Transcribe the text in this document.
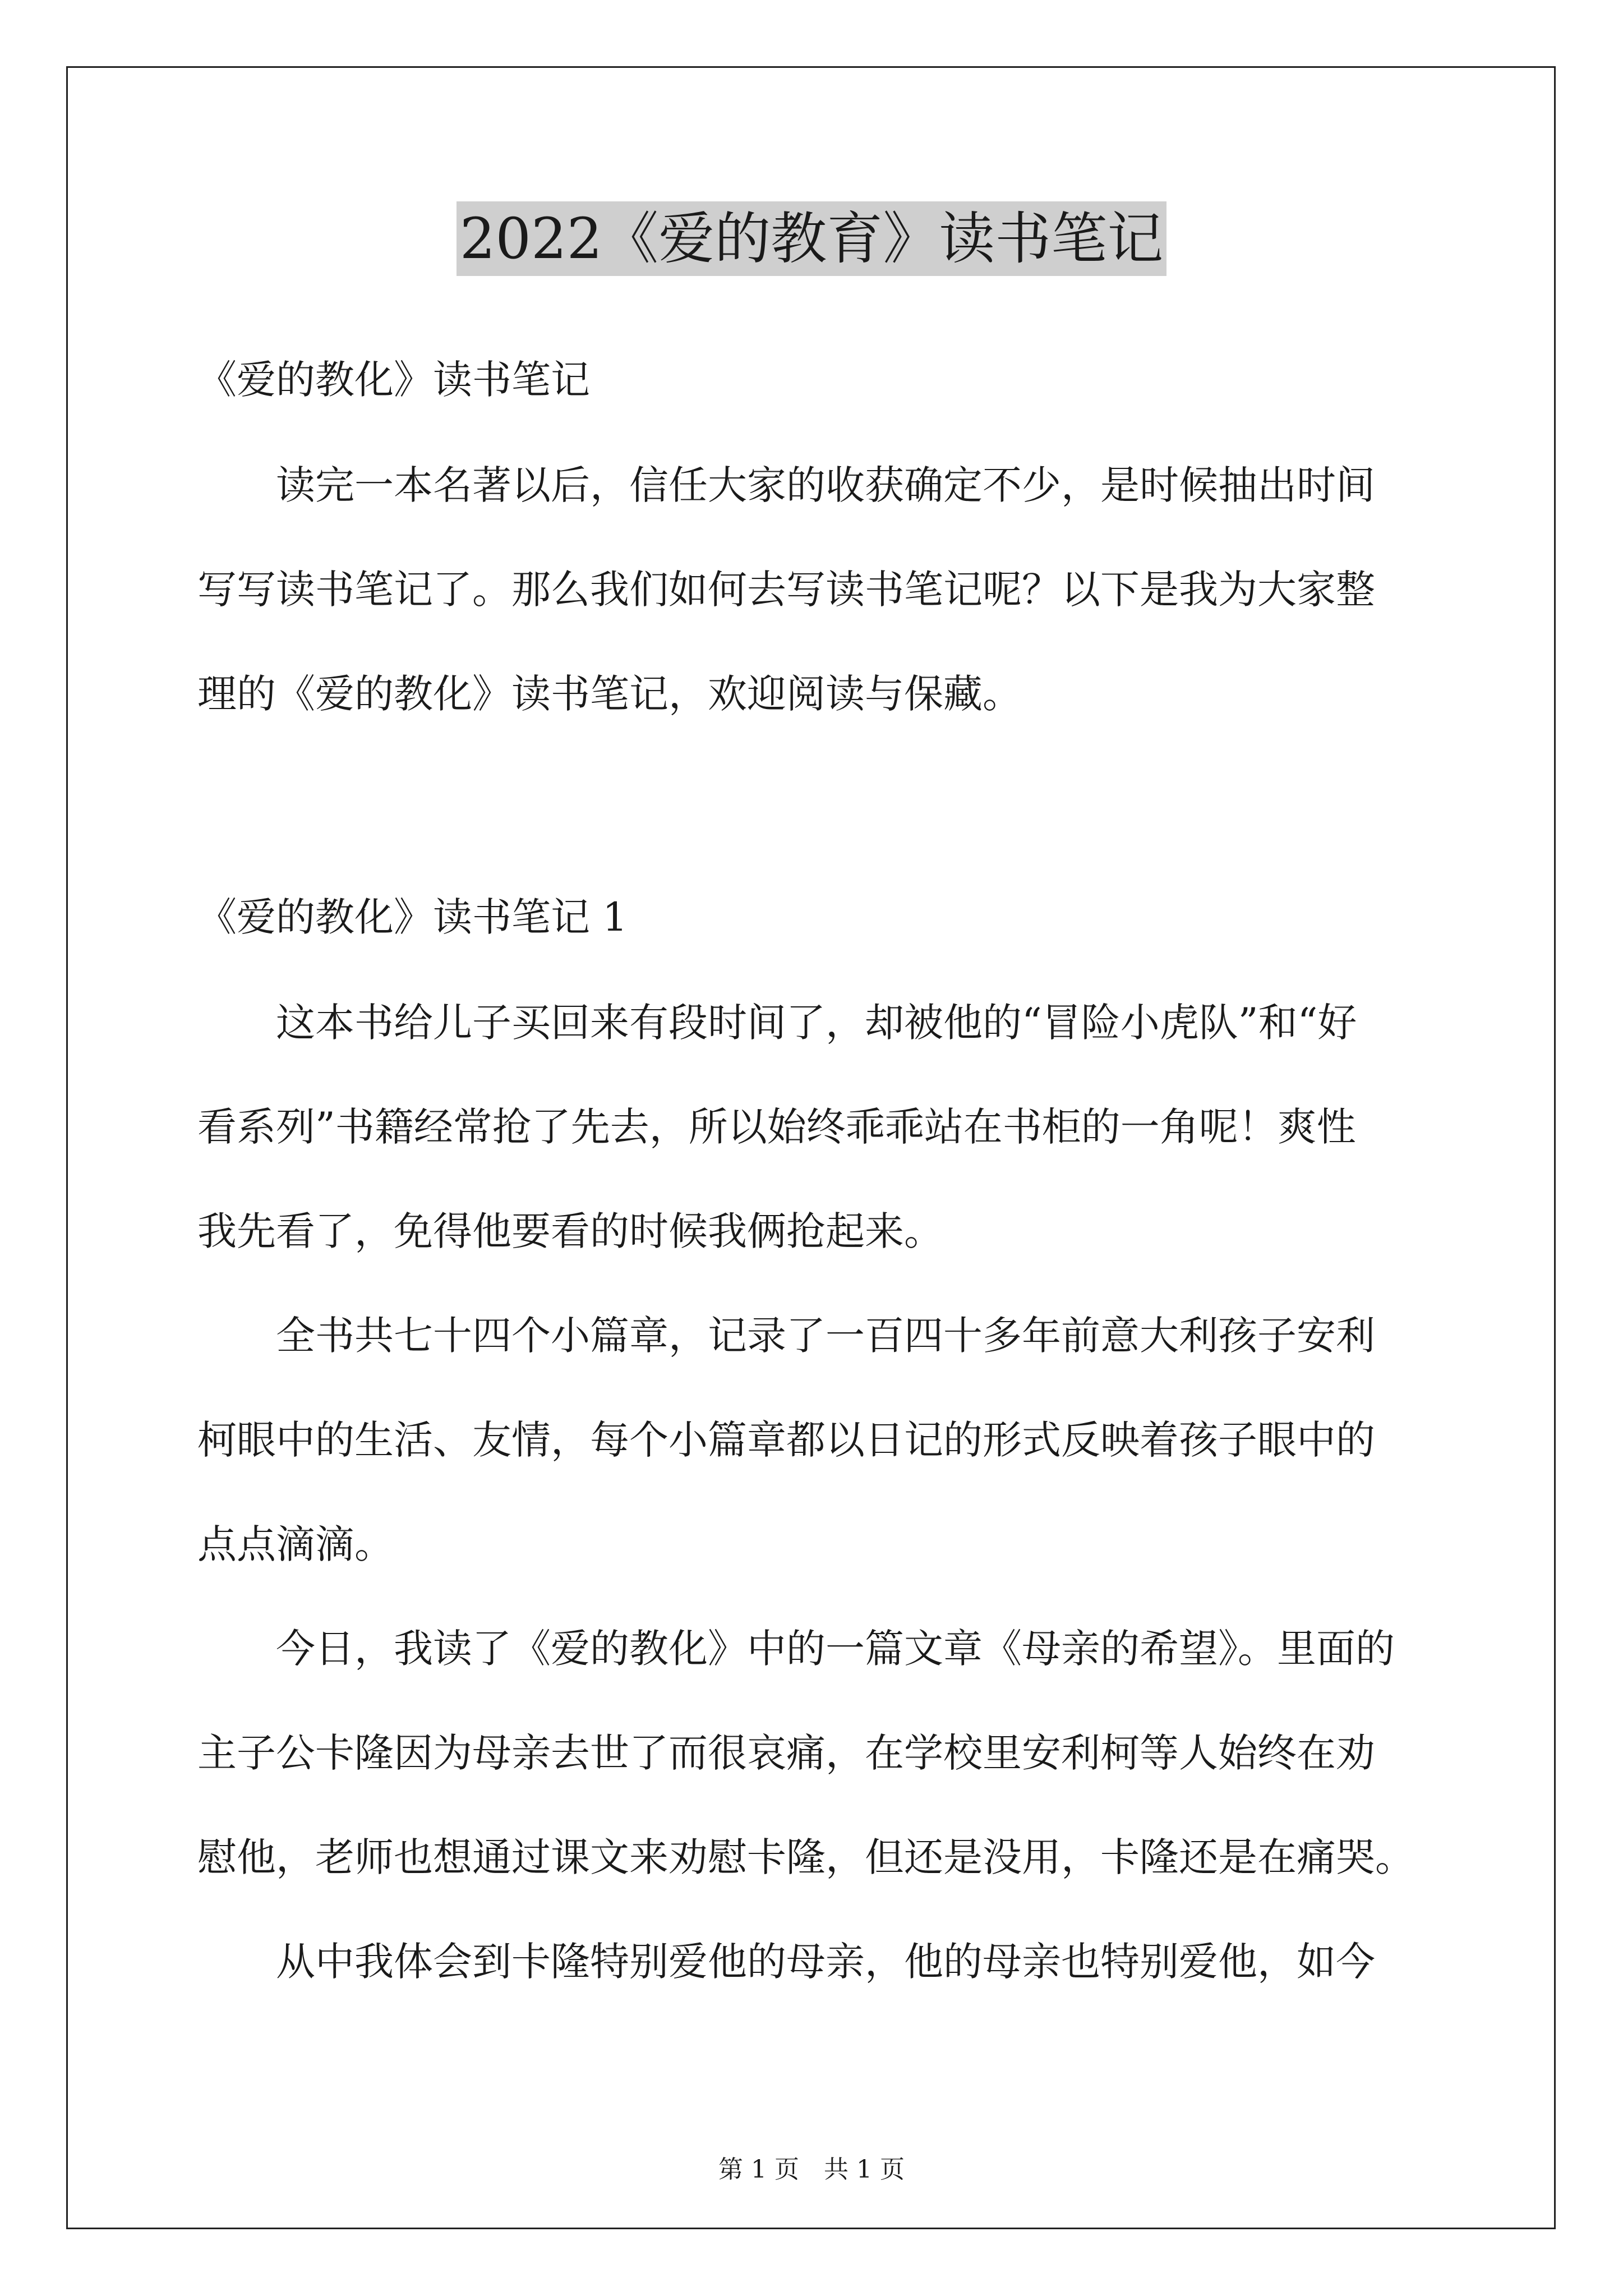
2022《爱的教育》读书笔记

《爱的教化》读书笔记

　　读完一本名著以后，信任大家的收获确定不少，是时候抽出时间

写写读书笔记了。那么我们如何去写读书笔记呢？以下是我为大家整

理的《爱的教化》读书笔记，欢迎阅读与保藏。

《爱的教化》读书笔记 1

　　这本书给儿子买回来有段时间了，却被他的“冒险小虎队”和“好

看系列”书籍经常抢了先去，所以始终乖乖站在书柜的一角呢！爽性

我先看了，免得他要看的时候我俩抢起来。

　　全书共七十四个小篇章，记录了一百四十多年前意大利孩子安利

柯眼中的生活、友情，每个小篇章都以日记的形式反映着孩子眼中的

点点滴滴。

　　今日，我读了《爱的教化》中的一篇文章《母亲的希望》。里面的

主子公卡隆因为母亲去世了而很哀痛，在学校里安利柯等人始终在劝

慰他，老师也想通过课文来劝慰卡隆，但还是没用，卡隆还是在痛哭。

　　从中我体会到卡隆特别爱他的母亲，他的母亲也特别爱他，如今

第 1 页　共 1 页
